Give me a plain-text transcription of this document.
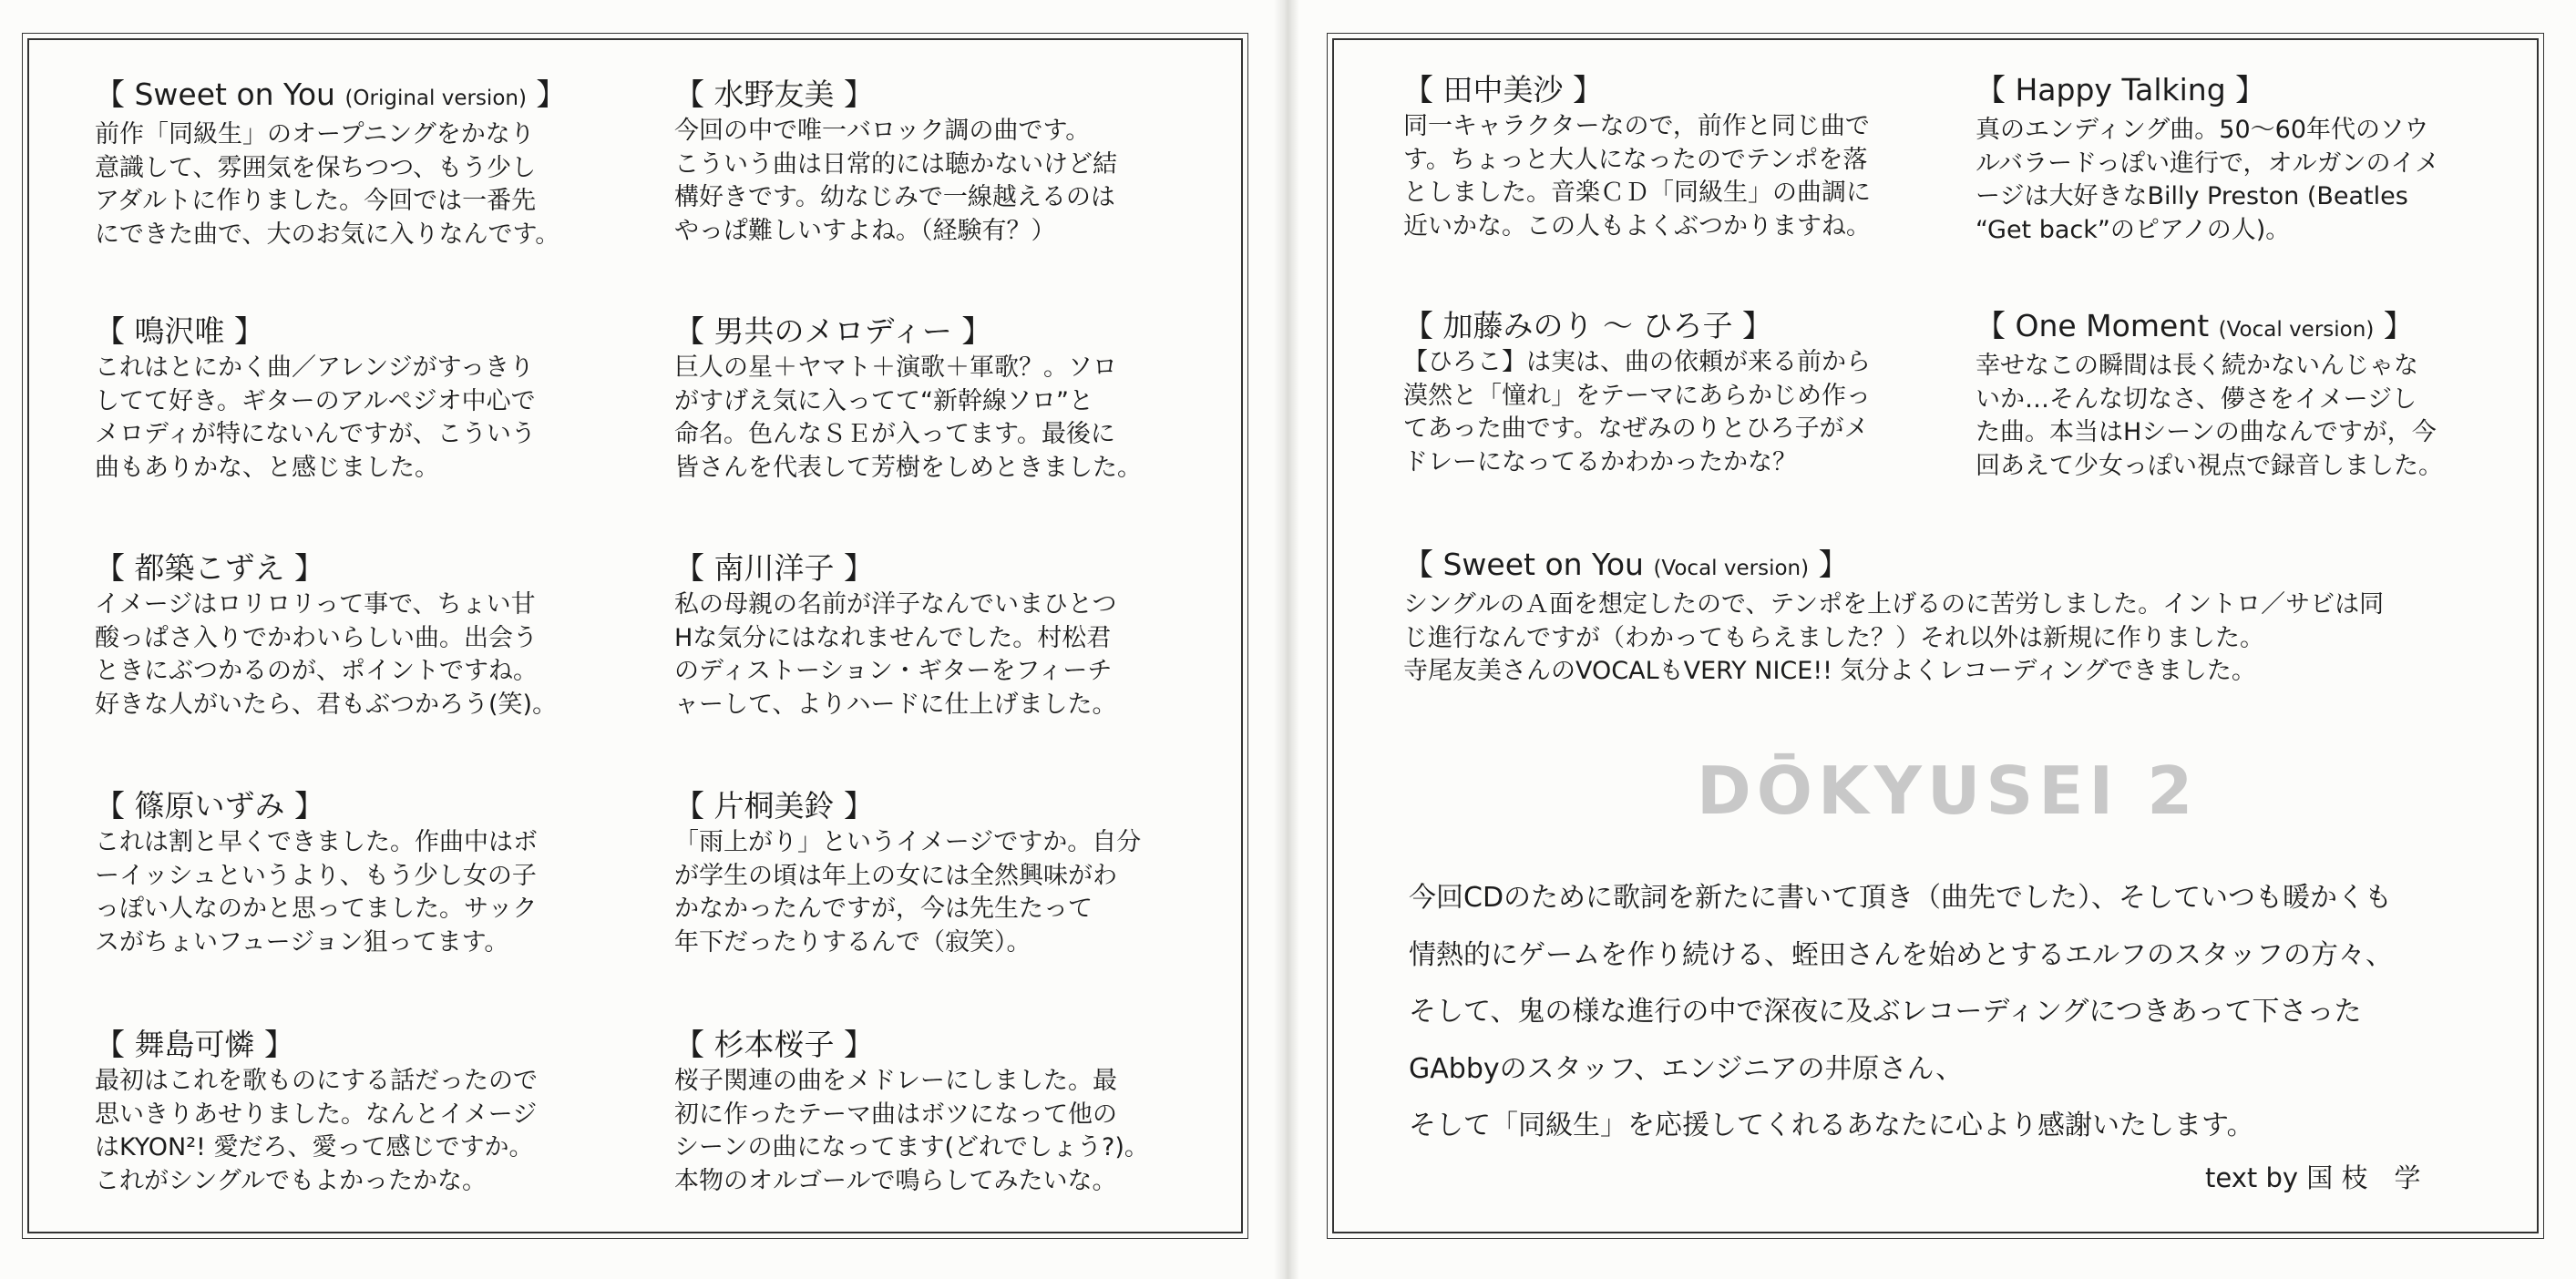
【 Sweet on You (Original version) 】
前作「同級生」のオープニングをかなり
意識して、雰囲気を保ちつつ、もう少し
アダルトに作りました。今回では一番先
にできた曲で、大のお気に入りなんです。
【 鳴沢唯 】
これはとにかく曲／アレンジがすっきり
してて好き。ギターのアルペジオ中心で
メロディが特にないんですが、こういう
曲もありかな、と感じました。
【 都築こずえ 】
イメージはロリロリって事で、ちょい甘
酸っぱさ入りでかわいらしい曲。出会う
ときにぶつかるのが、ポイントですね。
好きな人がいたら、君もぶつかろう(笑)。
【 篠原いずみ 】
これは割と早くできました。作曲中はボ
ーイッシュというより、もう少し女の子
っぽい人なのかと思ってました。サック
スがちょいフュージョン狙ってます。
【 舞島可憐 】
最初はこれを歌ものにする話だったので
思いきりあせりました。なんとイメージ
はKYON²! 愛だろ、愛って感じですか。
これがシングルでもよかったかな。
【 水野友美 】
今回の中で唯一バロック調の曲です。
こういう曲は日常的には聴かないけど結
構好きです。幼なじみで一線越えるのは
やっぱ難しいすよね。（経験有？）
【 男共のメロディー 】
巨人の星＋ヤマト＋演歌＋軍歌？。ソロ
がすげえ気に入ってて“新幹線ソロ”と
命名。色んなＳＥが入ってます。最後に
皆さんを代表して芳樹をしめときました。
【 南川洋子 】
私の母親の名前が洋子なんでいまひとつ
Hな気分にはなれませんでした。村松君
のディストーション・ギターをフィーチ
ャーして、よりハードに仕上げました。
【 片桐美鈴 】
「雨上がり」というイメージですか。自分
が学生の頃は年上の女には全然興味がわ
かなかったんですが，今は先生たって
年下だったりするんで（寂笑）。
【 杉本桜子 】
桜子関連の曲をメドレーにしました。最
初に作ったテーマ曲はボツになって他の
シーンの曲になってます(どれでしょう?)。
本物のオルゴールで鳴らしてみたいな。
【 田中美沙 】
同一キャラクターなので，前作と同じ曲で
す。ちょっと大人になったのでテンポを落
としました。音楽ＣＤ「同級生」の曲調に
近いかな。この人もよくぶつかりますね。
【 加藤みのり ～ ひろ子 】
【ひろこ】は実は、曲の依頼が来る前から
漠然と「憧れ」をテーマにあらかじめ作っ
てあった曲です。なぜみのりとひろ子がメ
ドレーになってるかわかったかな？
【 Happy Talking 】
真のエンディング曲。50～60年代のソウ
ルバラードっぽい進行で，オルガンのイメ
ージは大好きなBilly Preston (Beatles
“Get back”のピアノの人)。
【 One Moment (Vocal version) 】
幸せなこの瞬間は長く続かないんじゃな
いか…そんな切なさ、儚さをイメージし
た曲。本当はHシーンの曲なんですが，今
回あえて少女っぽい視点で録音しました。
【 Sweet on You (Vocal version) 】
シングルのＡ面を想定したので、テンポを上げるのに苦労しました。イントロ／サビは同
じ進行なんですが（わかってもらえました？）それ以外は新規に作りました。
寺尾友美さんのVOCALもVERY NICE!! 気分よくレコーディングできました。
DŌKYUSEI 2
今回CDのために歌詞を新たに書いて頂き（曲先でした）、そしていつも暖かくも
情熱的にゲームを作り続ける、蛭田さんを始めとするエルフのスタッフの方々、
そして、鬼の様な進行の中で深夜に及ぶレコーディングにつきあって下さった
GAbbyのスタッフ、エンジニアの井原さん、
そして「同級生」を応援してくれるあなたに心より感謝いたします。
text by 国 枝　学
